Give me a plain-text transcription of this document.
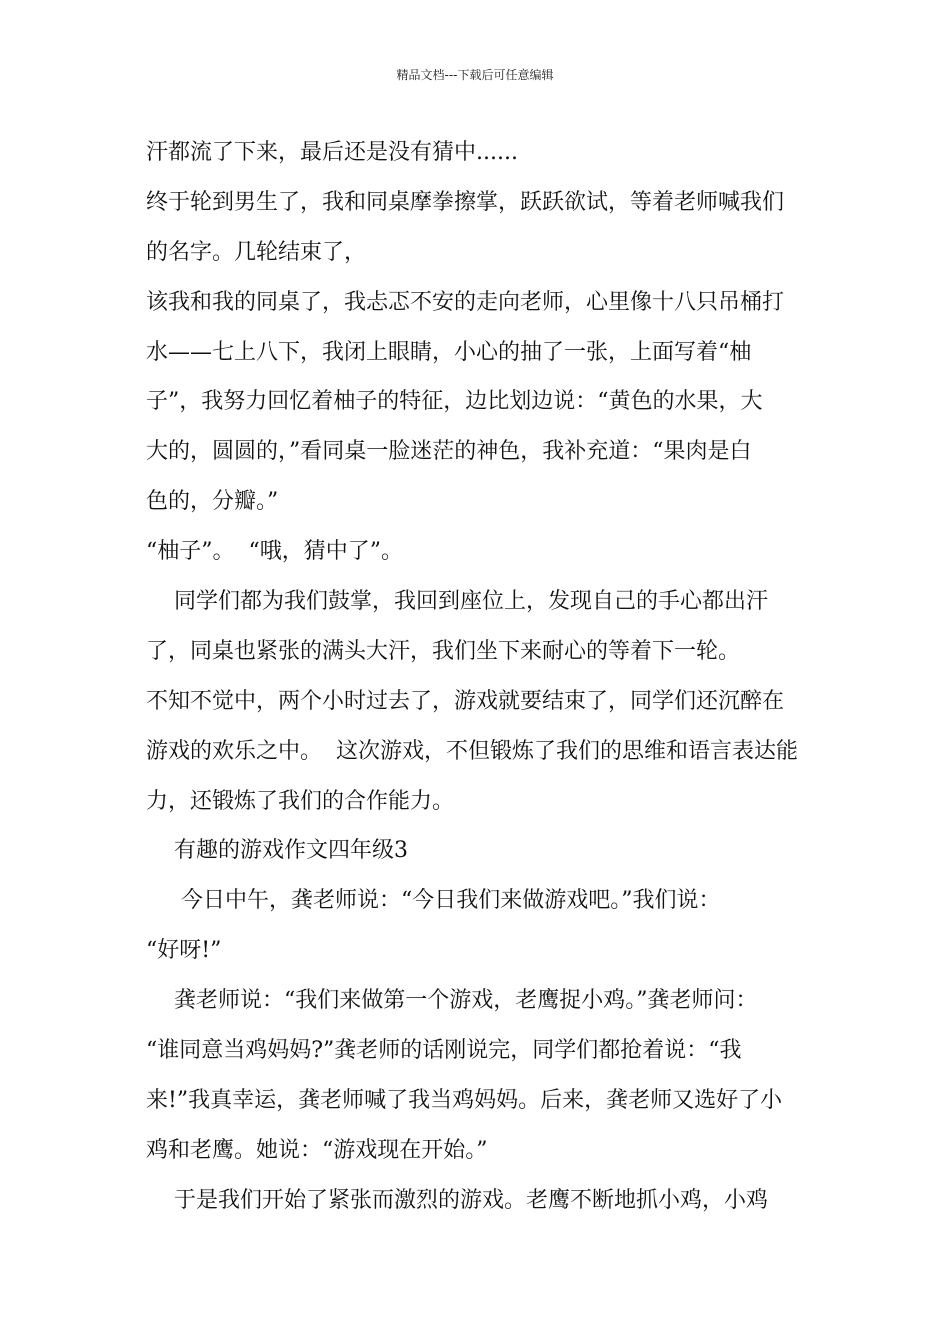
精品文档---下载后可任意编辑
汗都流了下来，最后还是没有猜中......
终于轮到男生了，我和同桌摩拳擦掌，跃跃欲试，等着老师喊我们
的名字。几轮结束了，
该我和我的同桌了，我忐忑不安的走向老师，心里像十八只吊桶打
水——七上八下，我闭上眼睛，小心的抽了一张，上面写着“柚
子”，我努力回忆着柚子的特征，边比划边说：“黄色的水果，大
大的，圆圆的，”看同桌一脸迷茫的神色，我补充道：“果肉是白
色的，分瓣。”
“柚子”。  “哦，猜中了”。
同学们都为我们鼓掌，我回到座位上，发现自己的手心都出汗
了，同桌也紧张的满头大汗，我们坐下来耐心的等着下一轮。
不知不觉中，两个小时过去了，游戏就要结束了，同学们还沉醉在
游戏的欢乐之中。  这次游戏，不但锻炼了我们的思维和语言表达能
力，还锻炼了我们的合作能力。
有趣的游戏作文四年级3
今日中午，龚老师说：“今日我们来做游戏吧。”我们说：
“好呀!”
龚老师说：“我们来做第一个游戏，老鹰捉小鸡。”龚老师问：
“谁同意当鸡妈妈?”龚老师的话刚说完，同学们都抢着说：“我
来!”我真幸运，龚老师喊了我当鸡妈妈。后来，龚老师又选好了小
鸡和老鹰。她说：“游戏现在开始。”
于是我们开始了紧张而激烈的游戏。老鹰不断地抓小鸡，小鸡
